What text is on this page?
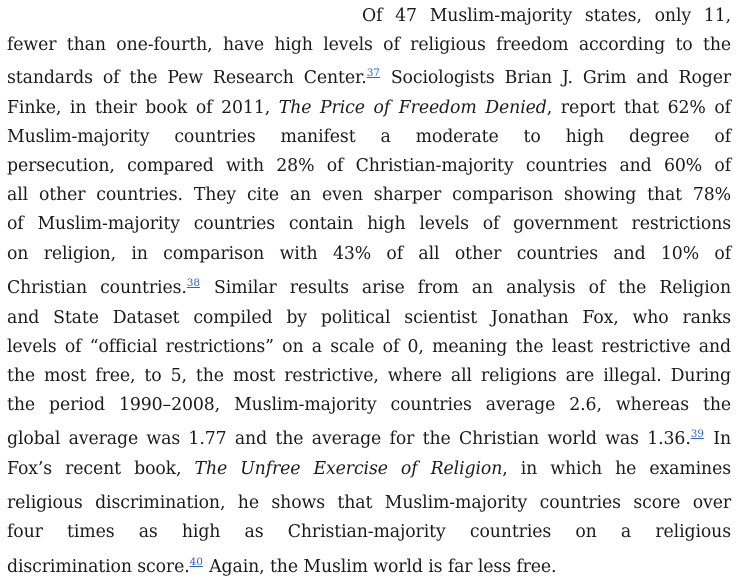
Of 47 Muslim-majority states, only 11,
fewer than one-fourth, have high levels of religious freedom according to the
standards of the Pew Research Center.$^{37}$ Sociologists Brian J. Grim and Roger
Finke, in their book of 2011, The Price of Freedom Denied, report that 62% of
Muslim-majority countries manifest a moderate to high degree of
persecution, compared with 28% of Christian-majority countries and 60% of
all other countries. They cite an even sharper comparison showing that 78%
of Muslim-majority countries contain high levels of government restrictions
on religion, in comparison with 43% of all other countries and 10% of
Christian countries.$^{38}$ Similar results arise from an analysis of the Religion
and State Dataset compiled by political scientist Jonathan Fox, who ranks
levels of “official restrictions” on a scale of 0, meaning the least restrictive and
the most free, to 5, the most restrictive, where all religions are illegal. During
the period 1990–2008, Muslim-majority countries average 2.6, whereas the
global average was 1.77 and the average for the Christian world was 1.36.39 In
Fox’s recent book, The Unfree Exercise of Religion, in which he examines
religious discrimination, he shows that Muslim-majority countries score over
four times as high as Christian-majority countries on a religious
discrimination score.$^{40}$ Again, the Muslim world is far less free.
